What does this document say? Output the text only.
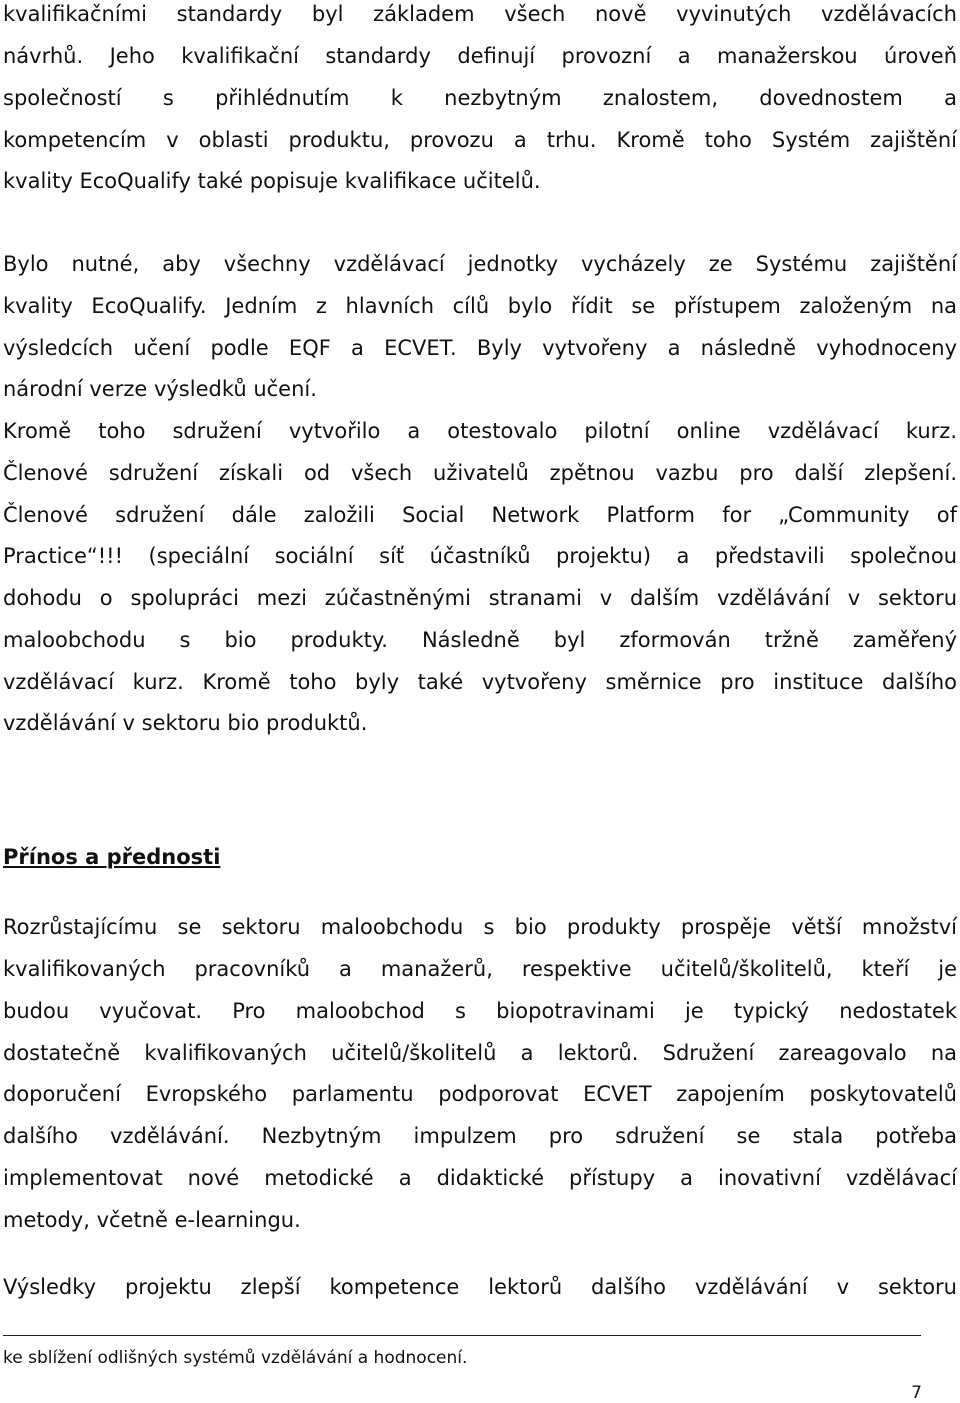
kvalifikačními standardy byl základem všech nově vyvinutých vzdělávacích
návrhů. Jeho kvalifikační standardy definují provozní a manažerskou úroveň
společností s přihlédnutím k nezbytným znalostem, dovednostem a
kompetencím v oblasti produktu, provozu a trhu. Kromě toho Systém zajištění
kvality EcoQualify také popisuje kvalifikace učitelů.
Bylo nutné, aby všechny vzdělávací jednotky vycházely ze Systému zajištění
kvality EcoQualify. Jedním z hlavních cílů bylo řídit se přístupem založeným na
výsledcích učení podle EQF a ECVET. Byly vytvořeny a následně vyhodnoceny
národní verze výsledků učení.
Kromě toho sdružení vytvořilo a otestovalo pilotní online vzdělávací kurz.
Členové sdružení získali od všech uživatelů zpětnou vazbu pro další zlepšení.
Členové sdružení dále založili Social Network Platform for „Community of
Practice“!!! (speciální sociální síť účastníků projektu) a představili společnou
dohodu o spolupráci mezi zúčastněnými stranami v dalším vzdělávání v sektoru
maloobchodu s bio produkty. Následně byl zformován tržně zaměřený
vzdělávací kurz. Kromě toho byly také vytvořeny směrnice pro instituce dalšího
vzdělávání v sektoru bio produktů.
Přínos a přednosti
Rozrůstajícímu se sektoru maloobchodu s bio produkty prospěje větší množství
kvalifikovaných pracovníků a manažerů, respektive učitelů/školitelů, kteří je
budou vyučovat. Pro maloobchod s biopotravinami je typický nedostatek
dostatečně kvalifikovaných učitelů/školitelů a lektorů. Sdružení zareagovalo na
doporučení Evropského parlamentu podporovat ECVET zapojením poskytovatelů
dalšího vzdělávání. Nezbytným impulzem pro sdružení se stala potřeba
implementovat nové metodické a didaktické přístupy a inovativní vzdělávací
metody, včetně e-learningu.
Výsledky projektu zlepší kompetence lektorů dalšího vzdělávání v sektoru
ke sblížení odlišných systémů vzdělávání a hodnocení.
7
